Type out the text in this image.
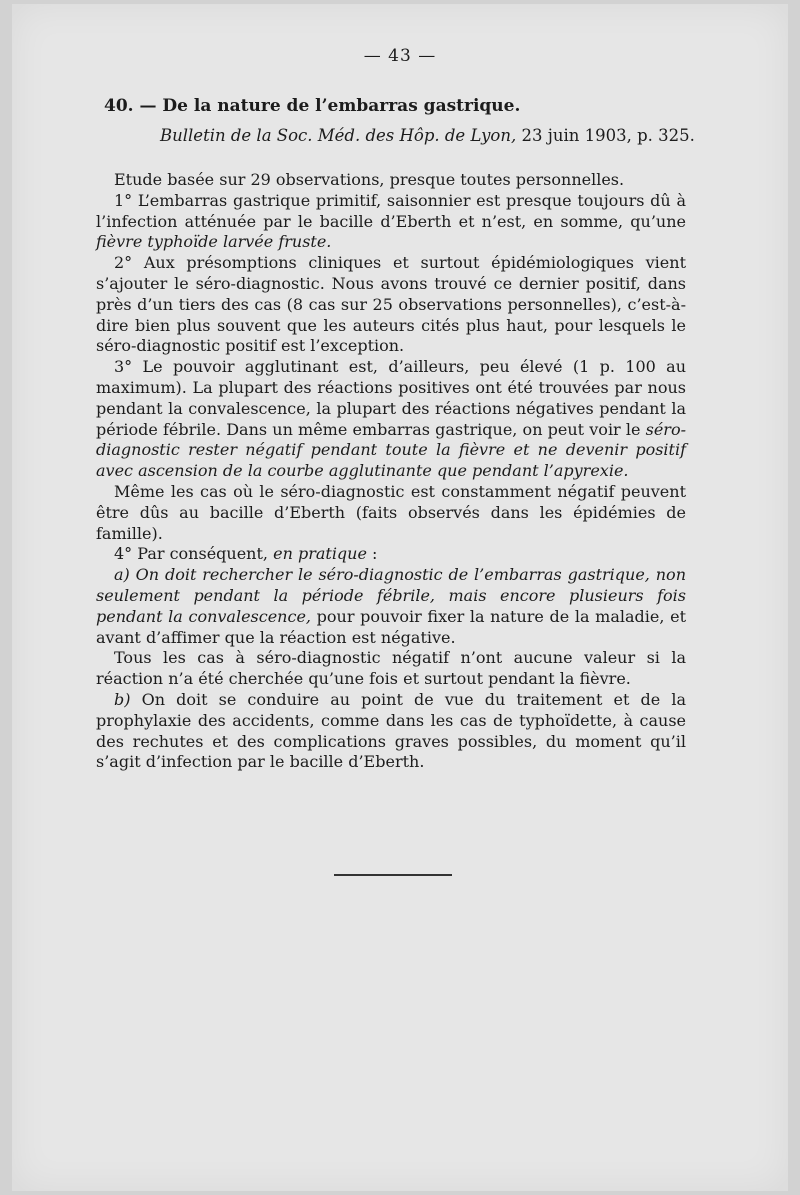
— 43 —
40. — De la nature de l’embarras gastrique.

Bulletin de la Soc. Méd. des Hôp. de Lyon, 23 juin 1903, p. 325.

Etude basée sur 29 observations, presque toutes personnelles.

1° L’embarras gastrique primitif, saisonnier est presque toujours dû à l’infection atténuée par le bacille d’Eberth et n’est, en somme, qu’une fièvre typhoïde larvée fruste.

2° Aux présomptions cliniques et surtout épidémiologiques vient s’ajouter le séro-diagnostic. Nous avons trouvé ce dernier positif, dans près d’un tiers des cas (8 cas sur 25 observations personnelles), c’est-à-dire bien plus souvent que les auteurs cités plus haut, pour lesquels le séro-diagnostic positif est l’exception.

3° Le pouvoir agglutinant est, d’ailleurs, peu élevé (1 p. 100 au maximum). La plupart des réactions positives ont été trouvées par nous pendant la convalescence, la plupart des réactions négatives pendant la période fébrile. Dans un même embarras gastrique, on peut voir le séro-diagnostic rester négatif pendant toute la fièvre et ne devenir positif avec ascension de la courbe agglutinante que pendant l’apyrexie.

Même les cas où le séro-diagnostic est constamment négatif peuvent être dûs au bacille d’Eberth (faits observés dans les épidémies de famille).

4° Par conséquent, en pratique :

a) On doit rechercher le séro-diagnostic de l’embarras gastrique, non seulement pendant la période fébrile, mais encore plusieurs fois pendant la convalescence, pour pouvoir fixer la nature de la maladie, et avant d’affimer que la réaction est négative.

Tous les cas à séro-diagnostic négatif n’ont aucune valeur si la réaction n’a été cherchée qu’une fois et surtout pendant la fièvre.

b) On doit se conduire au point de vue du traitement et de la prophylaxie des accidents, comme dans les cas de typhoïdette, à cause des rechutes et des complications graves possibles, du moment qu’il s’agit d’infection par le bacille d’Eberth.
